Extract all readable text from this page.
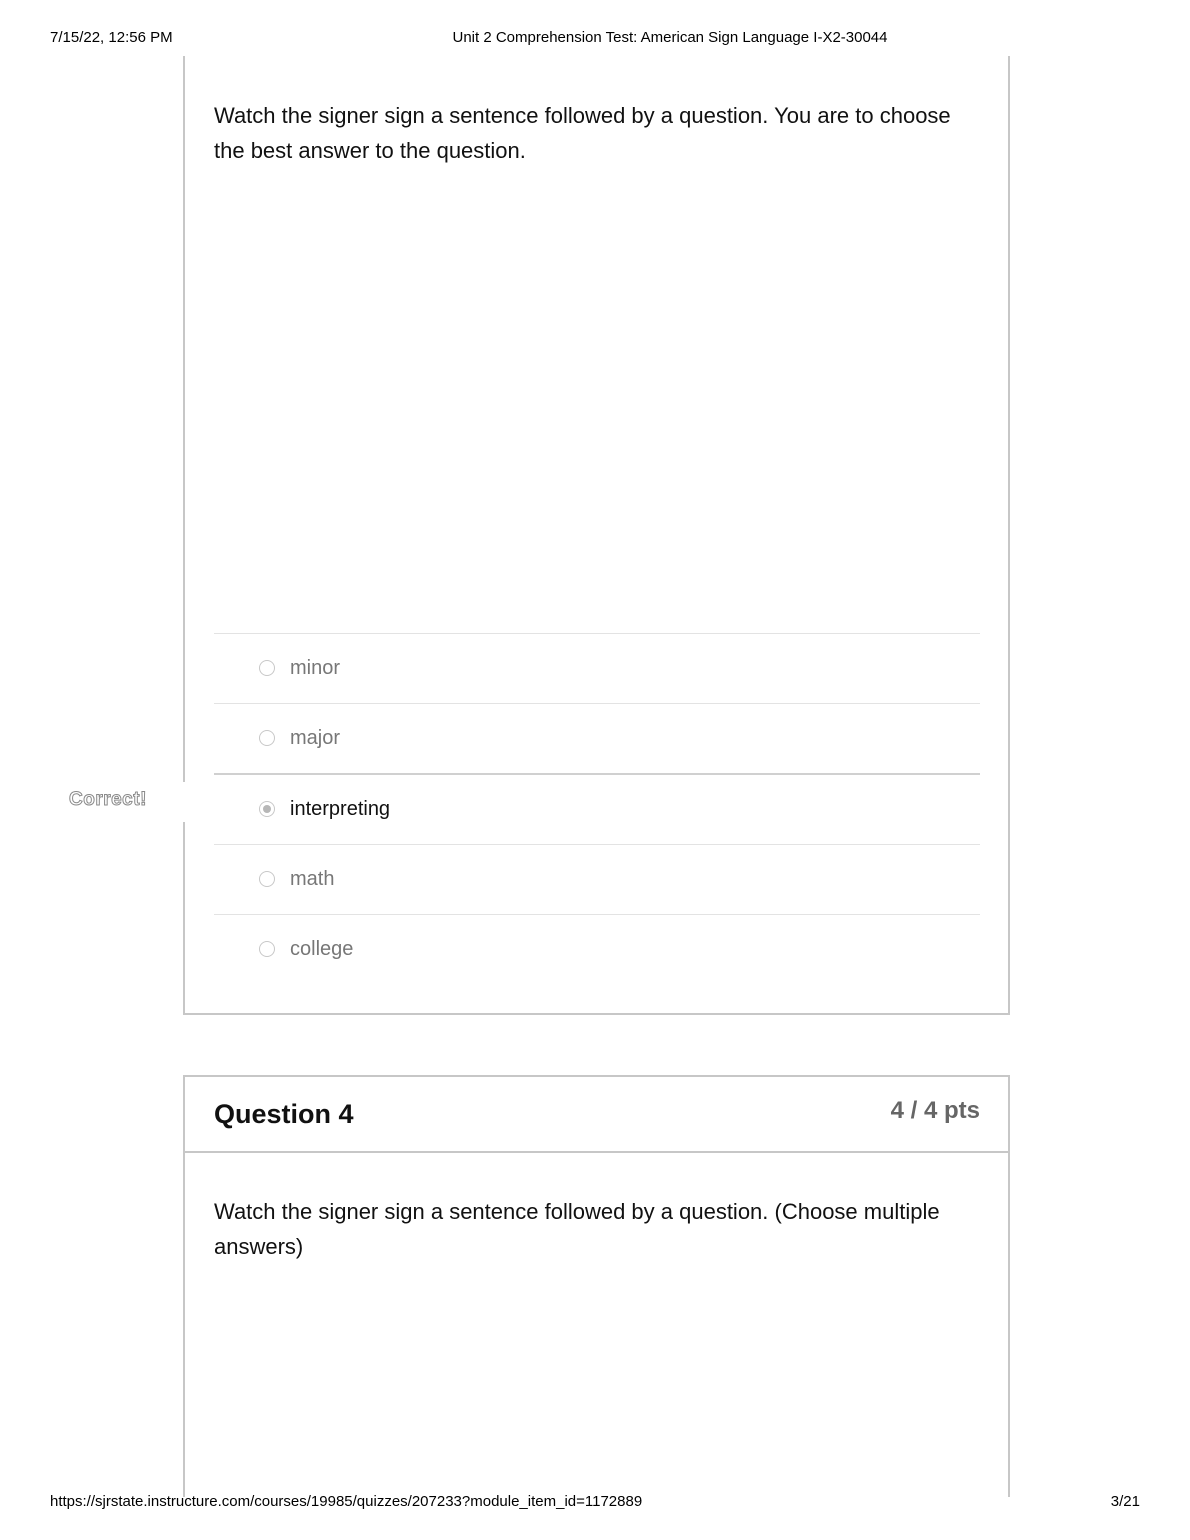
7/15/22, 12:56 PM	Unit 2 Comprehension Test: American Sign Language I-X2-30044
Watch the signer sign a sentence followed by a question. You are to choose the best answer to the question.
minor
major
interpreting
math
college
Correct!
Question 4	4 / 4 pts
Watch the signer sign a sentence followed by a question. (Choose multiple answers)
https://sjrstate.instructure.com/courses/19985/quizzes/207233?module_item_id=1172889	3/21
